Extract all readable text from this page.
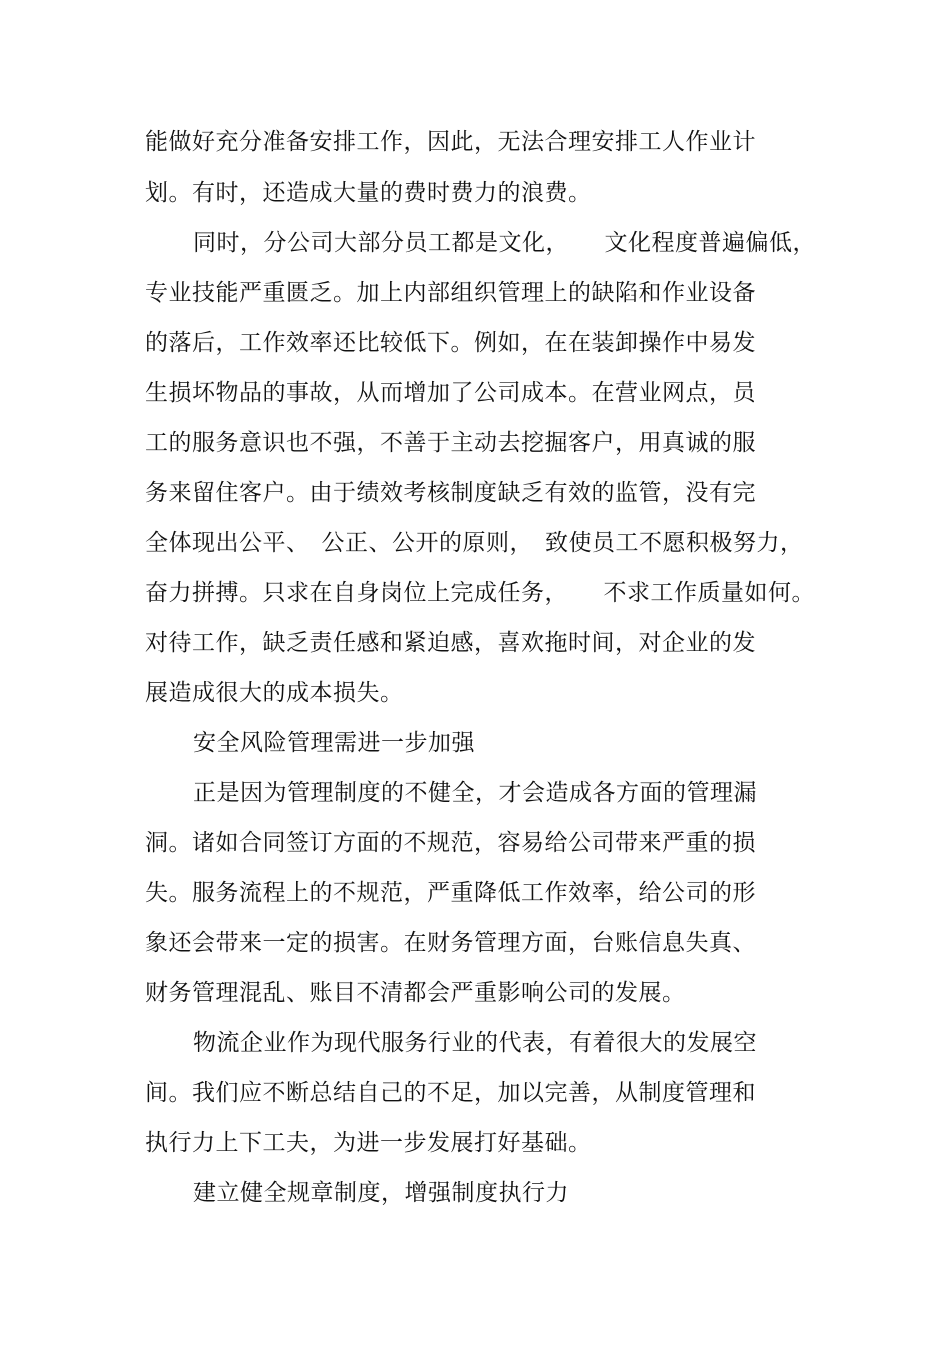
能做好充分准备安排工作，因此，无法合理安排工人作业计
划。有时，还造成大量的费时费力的浪费。
同时，分公司大部分员工都是文化，　　文化程度普遍偏低，
专业技能严重匮乏。加上内部组织管理上的缺陷和作业设备
的落后，工作效率还比较低下。例如，在在装卸操作中易发
生损坏物品的事故，从而增加了公司成本。在营业网点，员
工的服务意识也不强，不善于主动去挖掘客户，用真诚的服
务来留住客户。由于绩效考核制度缺乏有效的监管，没有完
全体现出公平、　公正、公开的原则，　致使员工不愿积极努力，
奋力拼搏。只求在自身岗位上完成任务，　　不求工作质量如何。
对待工作，缺乏责任感和紧迫感，喜欢拖时间，对企业的发
展造成很大的成本损失。
安全风险管理需进一步加强
正是因为管理制度的不健全，才会造成各方面的管理漏
洞。诸如合同签订方面的不规范，容易给公司带来严重的损
失。服务流程上的不规范，严重降低工作效率，给公司的形
象还会带来一定的损害。在财务管理方面，台账信息失真、
财务管理混乱、账目不清都会严重影响公司的发展。
物流企业作为现代服务行业的代表，有着很大的发展空
间。我们应不断总结自己的不足，加以完善，从制度管理和
执行力上下工夫，为进一步发展打好基础。
建立健全规章制度，增强制度执行力
